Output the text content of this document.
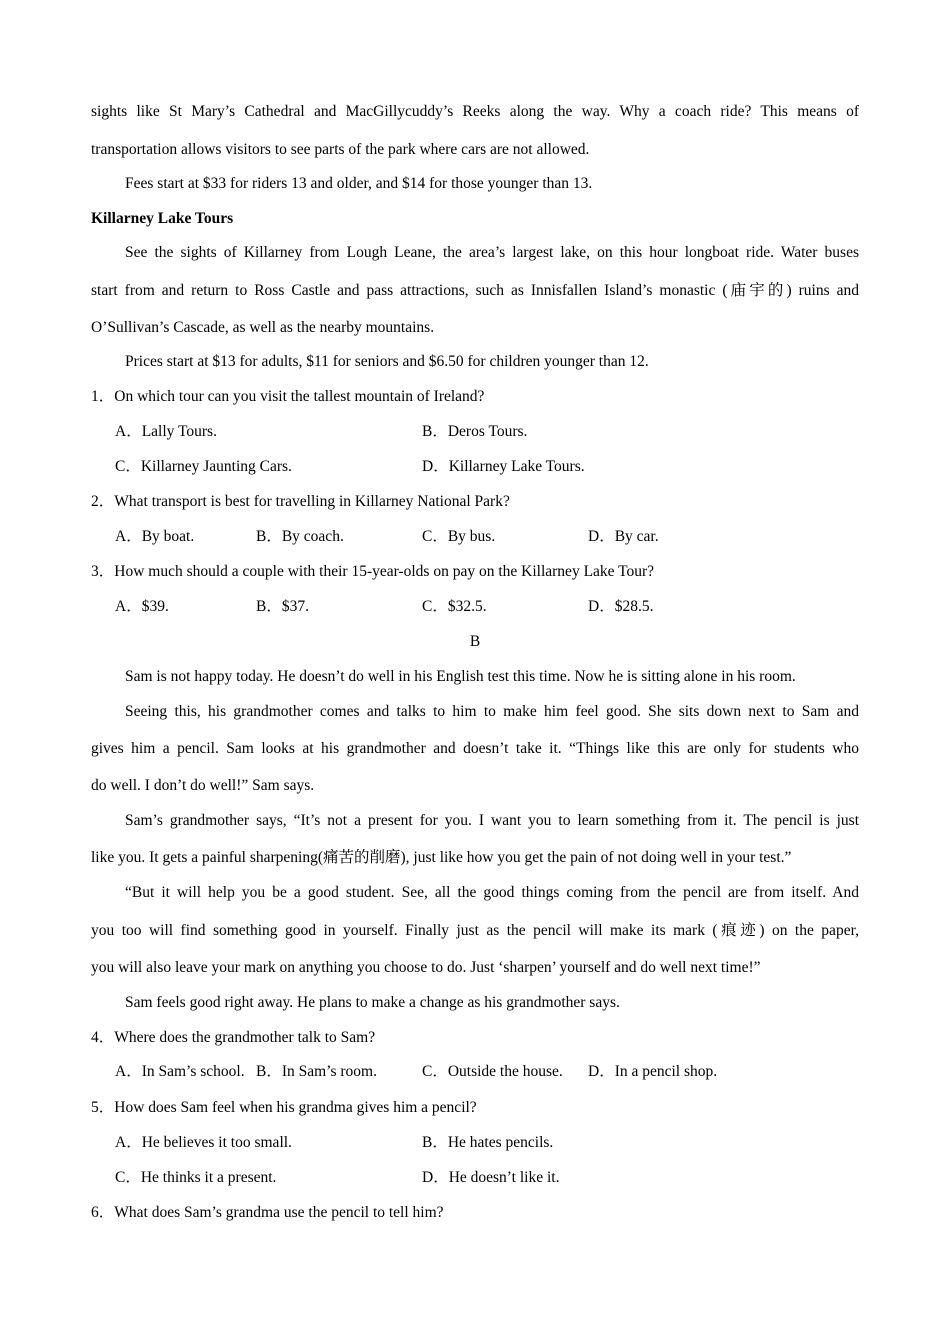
sights like St Mary’s Cathedral and MacGillycuddy’s Reeks along the way. Why a coach ride? This means of
transportation allows visitors to see parts of the park where cars are not allowed.
Fees start at $33 for riders 13 and older, and $14 for those younger than 13.
Killarney Lake Tours
See the sights of Killarney from Lough Leane, the area’s largest lake, on this hour longboat ride. Water buses
start from and return to Ross Castle and pass attractions, such as Innisfallen Island’s monastic (庙宇的) ruins and
O’Sullivan’s Cascade, as well as the nearby mountains.
Prices start at $13 for adults, $11 for seniors and $6.50 for children younger than 12.
1．On which tour can you visit the tallest mountain of Ireland?
A．Lally Tours.	B．Deros Tours.
C．Killarney Jaunting Cars.	D．Killarney Lake Tours.
2．What transport is best for travelling in Killarney National Park?
A．By boat.	B．By coach.	C．By bus.	D．By car.
3．How much should a couple with their 15-year-olds on pay on the Killarney Lake Tour?
A．$39.	B．$37.	C．$32.5.	D．$28.5.
B
Sam is not happy today. He doesn’t do well in his English test this time. Now he is sitting alone in his room.
Seeing this, his grandmother comes and talks to him to make him feel good. She sits down next to Sam and
gives him a pencil. Sam looks at his grandmother and doesn’t take it. “Things like this are only for students who
do well. I don’t do well!” Sam says.
Sam’s grandmother says, “It’s not a present for you. I want you to learn something from it. The pencil is just
like you. It gets a painful sharpening(痛苦的削磨), just like how you get the pain of not doing well in your test.”
“But it will help you be a good student. See, all the good things coming from the pencil are from itself. And
you too will find something good in yourself. Finally just as the pencil will make its mark (痕迹) on the paper,
you will also leave your mark on anything you choose to do. Just ‘sharpen’ yourself and do well next time!”
Sam feels good right away. He plans to make a change as his grandmother says.
4．Where does the grandmother talk to Sam?
A．In Sam’s school. B．In Sam’s room.	C．Outside the house. D．In a pencil shop.
5．How does Sam feel when his grandma gives him a pencil?
A．He believes it too small.	B．He hates pencils.
C．He thinks it a present.	D．He doesn’t like it.
6．What does Sam’s grandma use the pencil to tell him?
